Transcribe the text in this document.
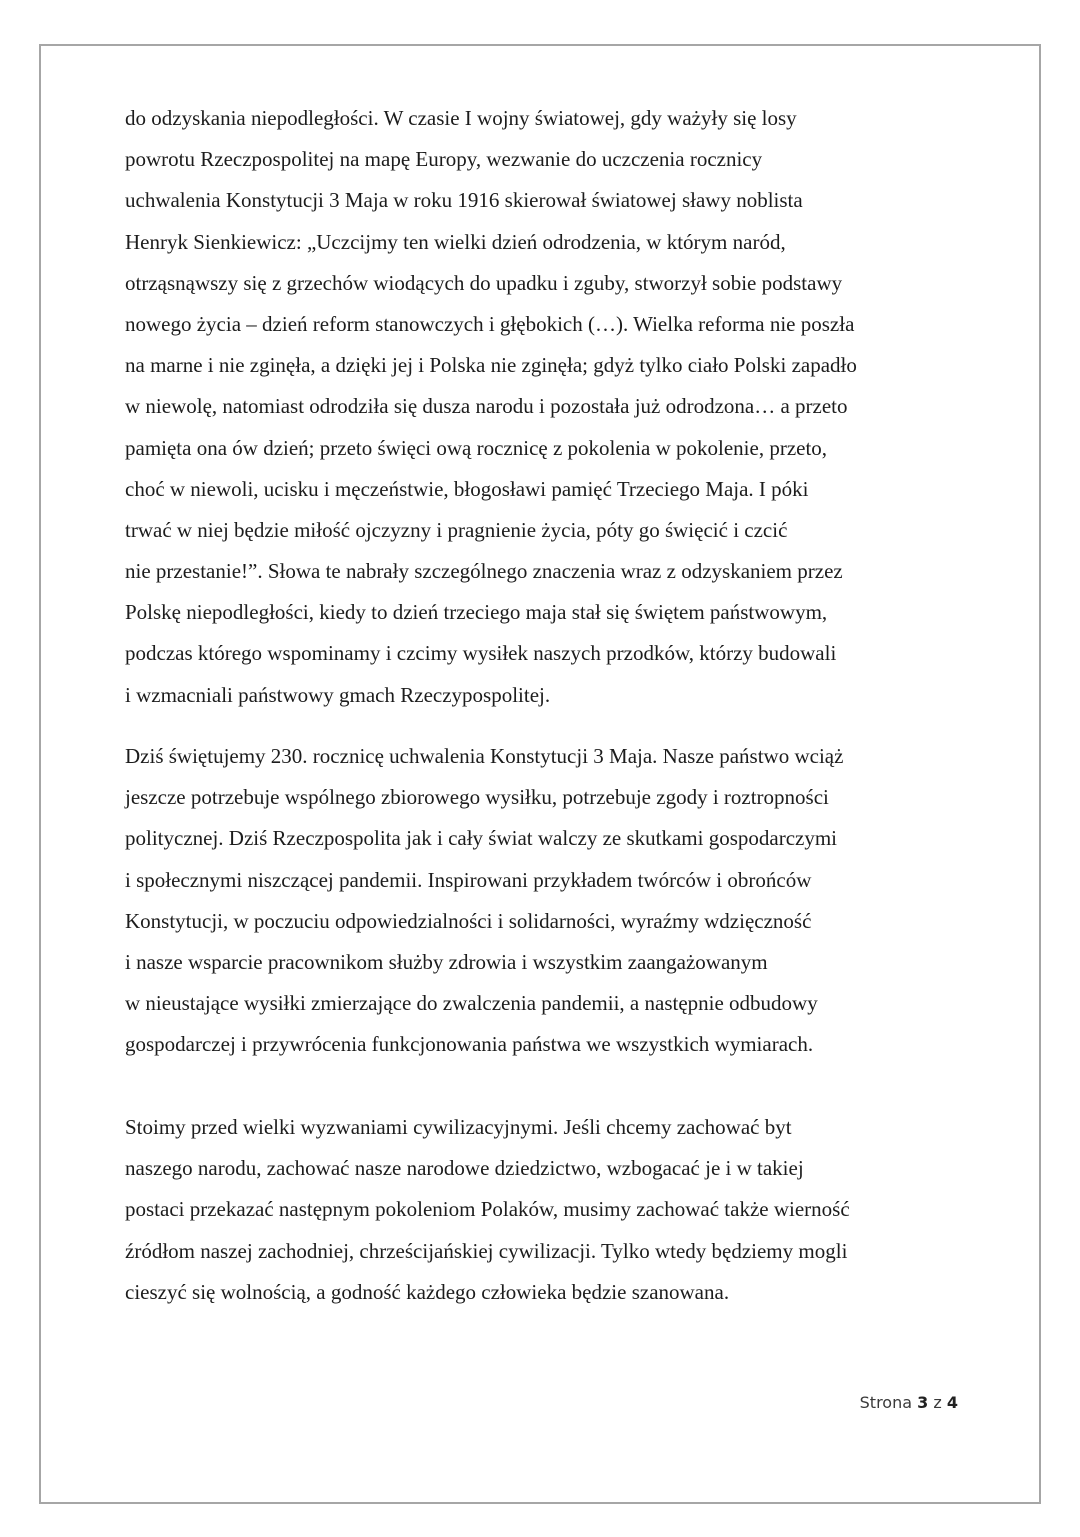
do odzyskania niepodległości. W czasie I wojny światowej, gdy ważyły się losy
powrotu Rzeczpospolitej na mapę Europy, wezwanie do uczczenia rocznicy
uchwalenia Konstytucji 3 Maja w roku 1916 skierował światowej sławy noblista
Henryk Sienkiewicz: „Uczcijmy ten wielki dzień odrodzenia, w którym naród,
otrząsnąwszy się z grzechów wiodących do upadku i zguby, stworzył sobie podstawy
nowego życia – dzień reform stanowczych i głębokich (…). Wielka reforma nie poszła
na marne i nie zginęła, a dzięki jej i Polska nie zginęła; gdyż tylko ciało Polski zapadło
w niewolę, natomiast odrodziła się dusza narodu i pozostała już odrodzona… a przeto
pamięta ona ów dzień; przeto święci ową rocznicę z pokolenia w pokolenie, przeto,
choć w niewoli, ucisku i męczeństwie, błogosławi pamięć Trzeciego Maja. I póki
trwać w niej będzie miłość ojczyzny i pragnienie życia, póty go święcić i czcić
nie przestanie!”. Słowa te nabrały szczególnego znaczenia wraz z odzyskaniem przez
Polskę niepodległości, kiedy to dzień trzeciego maja stał się świętem państwowym,
podczas którego wspominamy i czcimy wysiłek naszych przodków, którzy budowali
i wzmacniali państwowy gmach Rzeczypospolitej.
Dziś świętujemy 230. rocznicę uchwalenia Konstytucji 3 Maja. Nasze państwo wciąż
jeszcze potrzebuje wspólnego zbiorowego wysiłku, potrzebuje zgody i roztropności
politycznej. Dziś Rzeczpospolita jak i cały świat walczy ze skutkami gospodarczymi
i społecznymi niszczącej pandemii. Inspirowani przykładem twórców i obrońców
Konstytucji, w poczuciu odpowiedzialności i solidarności, wyraźmy wdzięczność
i nasze wsparcie pracownikom służby zdrowia i wszystkim zaangażowanym
w nieustające wysiłki zmierzające do zwalczenia pandemii, a następnie odbudowy
gospodarczej i przywrócenia funkcjonowania państwa we wszystkich wymiarach.
Stoimy przed wielki wyzwaniami cywilizacyjnymi. Jeśli chcemy zachować byt
naszego narodu, zachować nasze narodowe dziedzictwo, wzbogacać je i w takiej
postaci przekazać następnym pokoleniom Polaków, musimy zachować także wierność
źródłom naszej zachodniej, chrześcijańskiej cywilizacji. Tylko wtedy będziemy mogli
cieszyć się wolnością, a godność każdego człowieka będzie szanowana.
Strona 3 z 4
